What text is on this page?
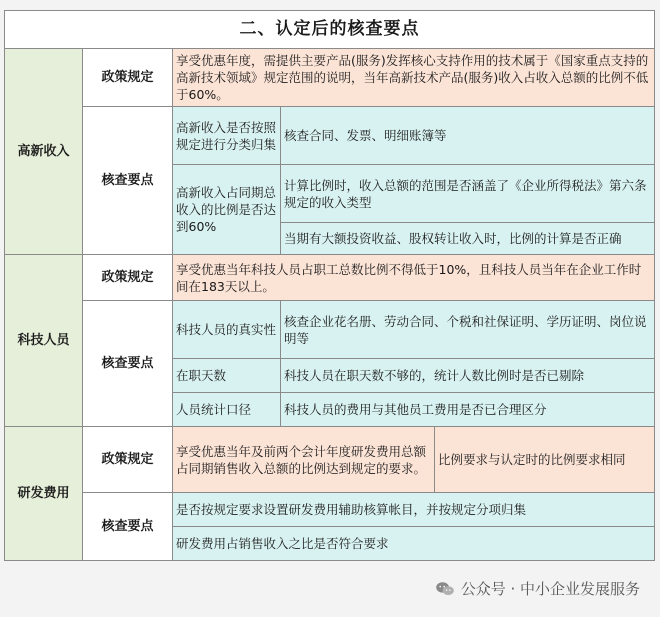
二、认定后的核查要点				
高新收入	政策规定	享受优惠年度，需提供主要产品(服务)发挥核心支持作用的技术属于《国家重点支持的高新技术领域》规定范围的说明，当年高新技术产品(服务)收入占收入总额的比例不低于60%。		
	核查要点	高新收入是否按照规定进行分类归集	核查合同、发票、明细账簿等	

		高新收入占同期总收入的比例是否达到60%	计算比例时，收入总额的范围是否涵盖了《企业所得税法》第六条规定的收入类型	
			当期有大额投资收益、股权转让收入时，比例的计算是否正确	
科技人员	政策规定	享受优惠当年科技人员占职工总数比例不得低于10%，且科技人员当年在企业工作时间在183天以上。		
	核查要点	科技人员的真实性	核查企业花名册、劳动合同、个税和社保证明、学历证明、岗位说明等	
		在职天数	科技人员在职天数不够的，统计人数比例时是否已剔除	
		人员统计口径	科技人员的费用与其他员工费用是否已合理区分	
研发费用	政策规定	享受优惠当年及前两个会计年度研发费用总额占同期销售收入总额的比例达到规定的要求。		比例要求与认定时的比例要求相同
	核查要点	是否按规定要求设置研发费用辅助核算帐目，并按规定分项归集		
		研发费用占销售收入之比是否符合要求		
公众号 · 中小企业发展服务
